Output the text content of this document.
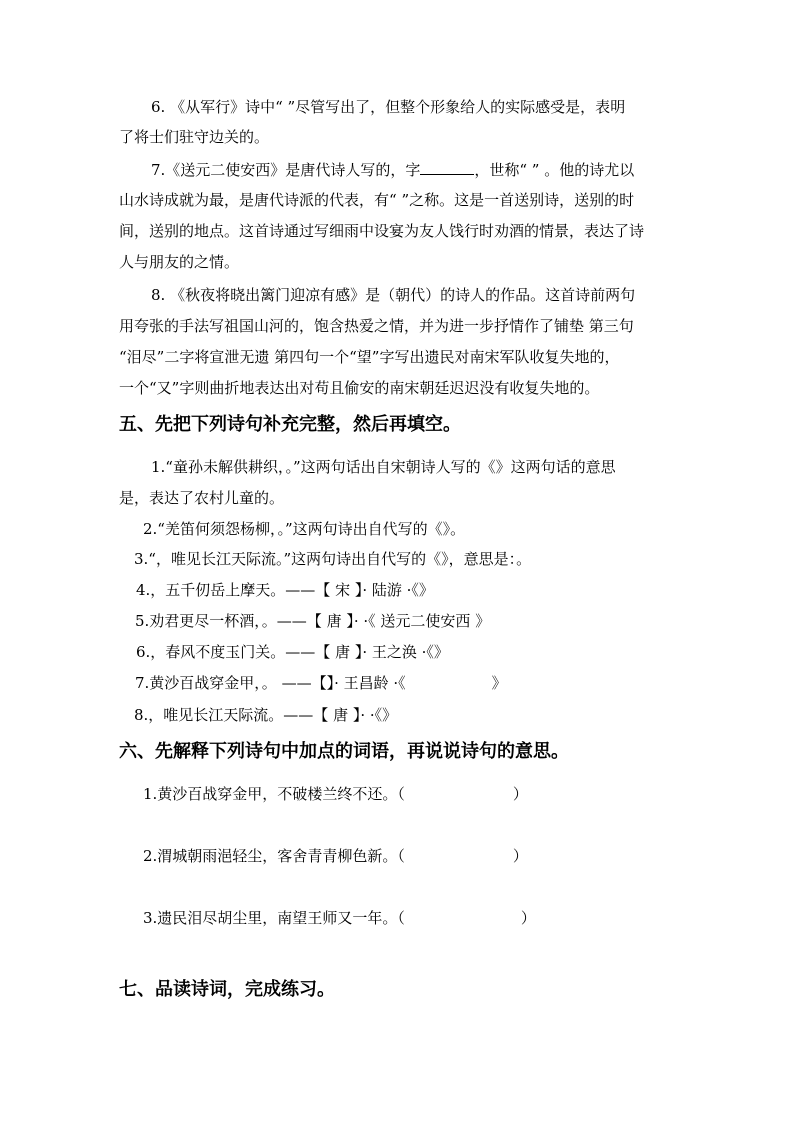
6. 《从军行》诗中“ ”尽管写出了，但整个形象给人的实际感受是，表明
了将士们驻守边关的。
7.《送元二使安西》是唐代诗人写的，字	，世称“ ” 。他的诗尤以
山水诗成就为最，是唐代诗派的代表，有“ ”之称。这是一首送别诗，送别的时
间，送别的地点。这首诗通过写细雨中设宴为友人饯行时劝酒的情景，表达了诗
人与朋友的之情。
8. 《秋夜将晓出篱门迎凉有感》是（朝代）的诗人的作品。这首诗前两句
用夸张的手法写祖国山河的，饱含热爱之情，并为进一步抒情作了铺垫 第三句
“泪尽”二字将宣泄无遗 第四句一个“望”字写出遗民对南宋军队收复失地的，
一个“又”字则曲折地表达出对苟且偷安的南宋朝廷迟迟没有收复失地的。
五、先把下列诗句补充完整，然后再填空。
1.“童孙未解供耕织，。”这两句话出自宋朝诗人写的《》这两句话的意思
是，表达了农村儿童的。
2.“羌笛何须怨杨柳，。”这两句诗出自代写的《》。
3.“，唯见长江天际流。”这两句诗出自代写的《》，意思是：。
4.，五千仞岳上摩天。——【 宋 】· 陆游 ·《》
5.劝君更尽一杯酒，。——【 唐 】· ·《 送元二使安西 》
6.，春风不度玉门关。——【 唐 】· 王之涣 ·《》
7.黄沙百战穿金甲，。 ——【】· 王昌龄 ·《	》
8.，唯见长江天际流。——【 唐 】· ·《》
六、先解释下列诗句中加点的词语，再说说诗句的意思。
1.黄沙百战穿金甲，不破楼兰终不还。（	）
2.渭城朝雨浥轻尘，客舍青青柳色新。（	）
3.遗民泪尽胡尘里，南望王师又一年。（	）
七、品读诗词，完成练习。
